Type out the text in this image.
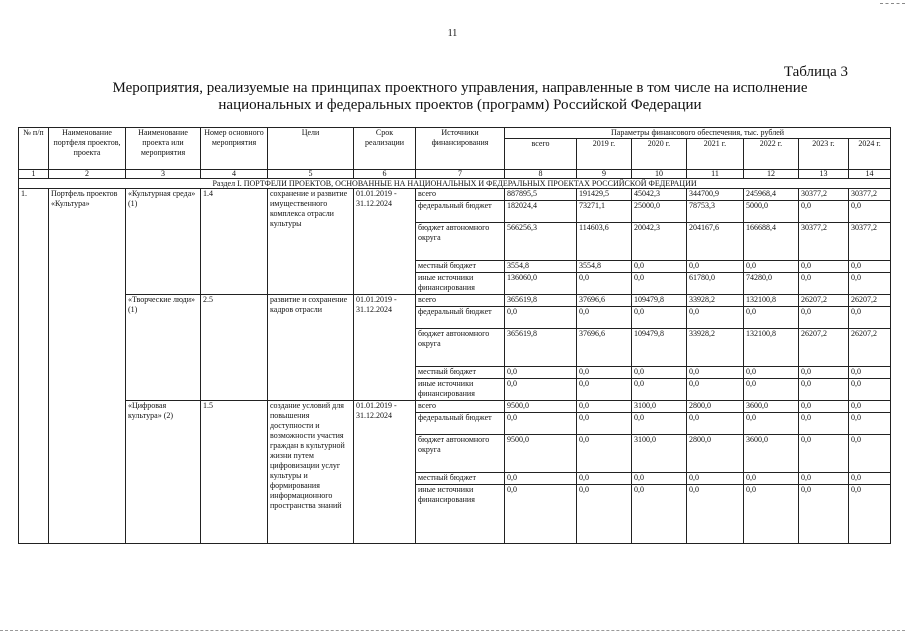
11
Таблица 3
Мероприятия, реализуемые на принципах проектного управления, направленные в том числе на исполнение национальных и федеральных проектов (программ) Российской Федерации
№ п/п	Наименование портфеля проектов, проекта	Наименование проекта или мероприятия	Номер основного мероприятия	Цели	Срок реализации	Источники финансирования	Параметры финансового обеспечения, тыс. рублей						
							всего	2019 г.	2020 г.	2021 г.	2022 г.	2023 г.	2024 г.
1	2	3	4	5	6	7	8	9	10	11	12	13	14
Раздел I. ПОРТФЕЛИ ПРОЕКТОВ, ОСНОВАННЫЕ НА НАЦИОНАЛЬНЫХ И ФЕДЕРАЛЬНЫХ ПРОЕКТАХ РОССИЙСКОЙ ФЕДЕРАЦИИ													
1.	Портфель проектов «Культура»	«Культурная среда» (1)	1.4	сохранение и развитие имущественного комплекса отрасли культуры	01.01.2019 - 31.12.2024	всего	887895,5	191429,5	45042,3	344700,9	245968,4	30377,2	30377,2
						федеральный бюджет	182024,4	73271,1	25000,0	78753,3	5000,0	0,0	0,0
						бюджет автономного округа	566256,3	114603,6	20042,3	204167,6	166688,4	30377,2	30377,2
						местный бюджет	3554,8	3554,8	0,0	0,0	0,0	0,0	0,0
						иные источники финансирования	136060,0	0,0	0,0	61780,0	74280,0	0,0	0,0
		«Творческие люди» (1)	2.5	развитие и сохранение кадров отрасли	01.01.2019 - 31.12.2024	всего	365619,8	37696,6	109479,8	33928,2	132100,8	26207,2	26207,2
						федеральный бюджет	0,0	0,0	0,0	0,0	0,0	0,0	0,0
						бюджет автономного округа	365619,8	37696,6	109479,8	33928,2	132100,8	26207,2	26207,2
						местный бюджет	0,0	0,0	0,0	0,0	0,0	0,0	0,0
						иные источники финансирования	0,0	0,0	0,0	0,0	0,0	0,0	0,0
		«Цифровая культура» (2)	1.5	создание условий для повышения доступности и возможности участия граждан в культурной жизни путем цифровизации услуг культуры и формирования информационного пространства знаний	01.01.2019 - 31.12.2024	всего	9500,0	0,0	3100,0	2800,0	3600,0	0,0	0,0
						федеральный бюджет	0,0	0,0	0,0	0,0	0,0	0,0	0,0
						бюджет автономного округа	9500,0	0,0	3100,0	2800,0	3600,0	0,0	0,0
						местный бюджет	0,0	0,0	0,0	0,0	0,0	0,0	0,0
						иные источники финансирования	0,0	0,0	0,0	0,0	0,0	0,0	0,0
